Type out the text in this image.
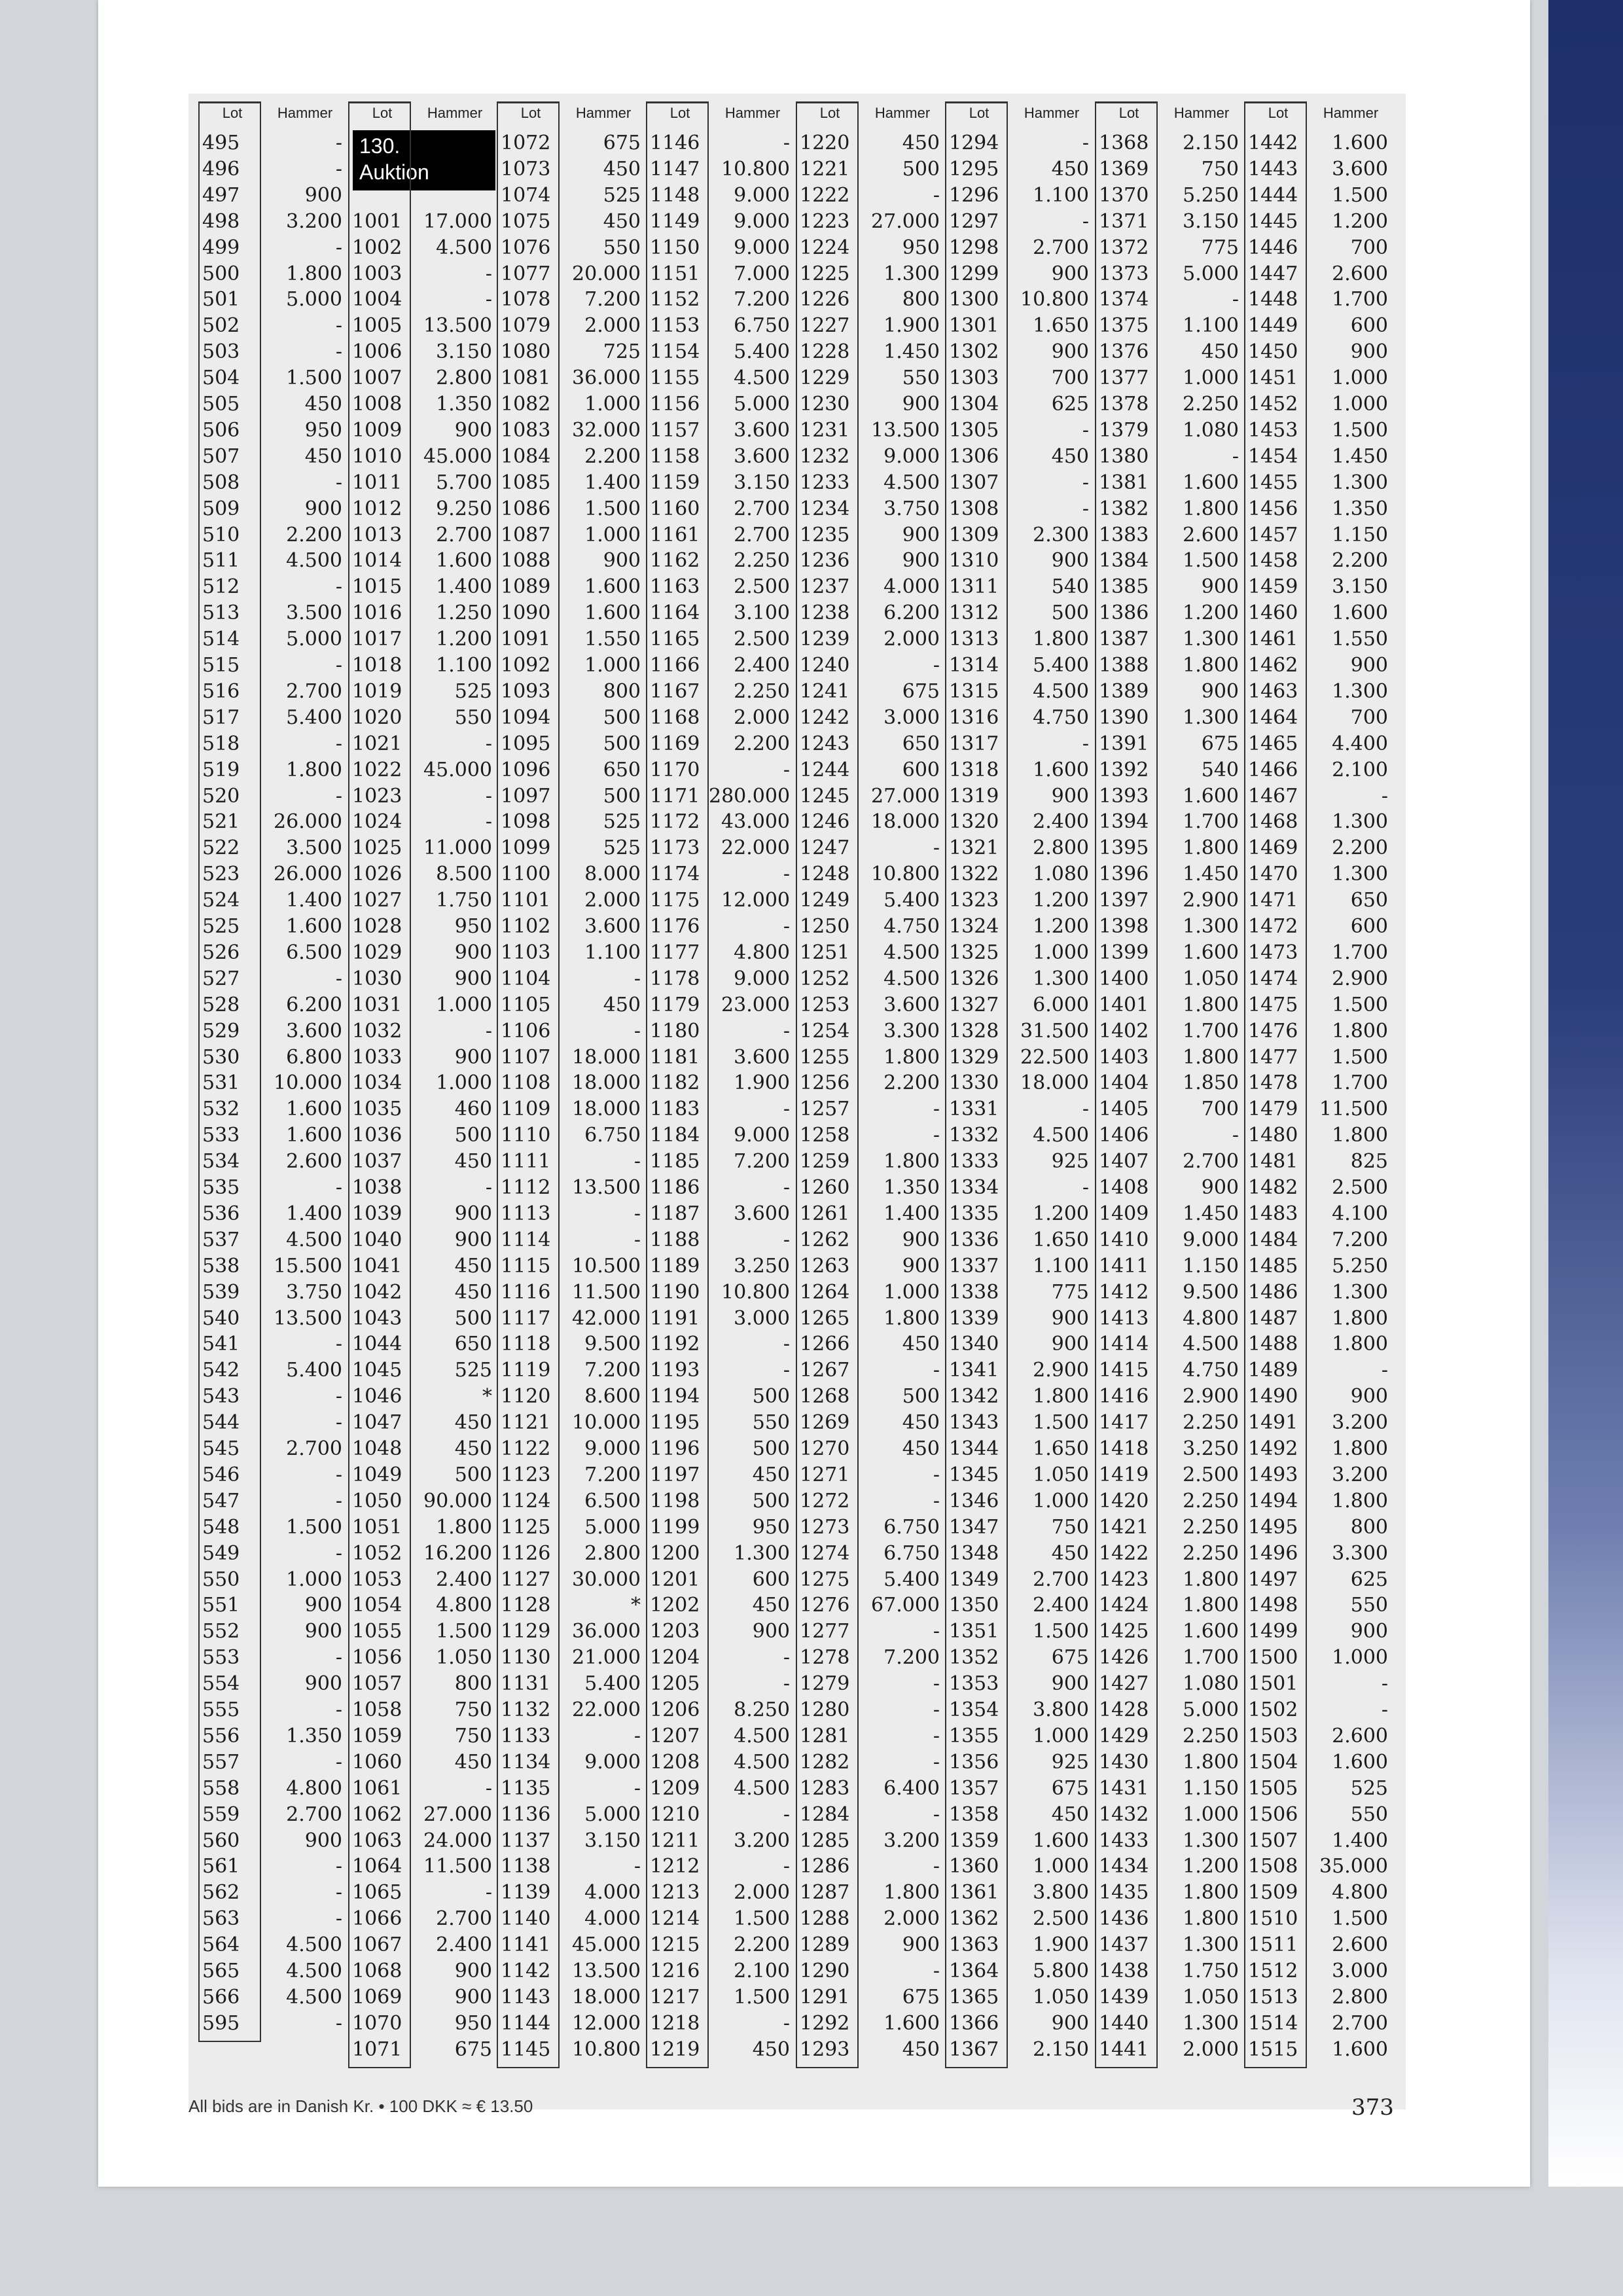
Resultater • Prices realised • June 2009
130.
Auktion
Lot	Hammer
495	-
496	-
497	900
498	3.200
499	-
500	1.800
501	5.000
502	-
503	-
504	1.500
505	450
506	950
507	450
508	-
509	900
510	2.200
511	4.500
512	-
513	3.500
514	5.000
515	-
516	2.700
517	5.400
518	-
519	1.800
520	-
521	26.000
522	3.500
523	26.000
524	1.400
525	1.600
526	6.500
527	-
528	6.200
529	3.600
530	6.800
531	10.000
532	1.600
533	1.600
534	2.600
535	-
536	1.400
537	4.500
538	15.500
539	3.750
540	13.500
541	-
542	5.400
543	-
544	-
545	2.700
546	-
547	-
548	1.500
549	-
550	1.000
551	900
552	900
553	-
554	900
555	-
556	1.350
557	-
558	4.800
559	2.700
560	900
561	-
562	-
563	-
564	4.500
565	4.500
566	4.500
595	-
Lot	Hammer
1001	17.000
1002	4.500
1003	-
1004	-
1005	13.500
1006	3.150
1007	2.800
1008	1.350
1009	900
1010	45.000
1011	5.700
1012	9.250
1013	2.700
1014	1.600
1015	1.400
1016	1.250
1017	1.200
1018	1.100
1019	525
1020	550
1021	-
1022	45.000
1023	-
1024	-
1025	11.000
1026	8.500
1027	1.750
1028	950
1029	900
1030	900
1031	1.000
1032	-
1033	900
1034	1.000
1035	460
1036	500
1037	450
1038	-
1039	900
1040	900
1041	450
1042	450
1043	500
1044	650
1045	525
1046	*
1047	450
1048	450
1049	500
1050	90.000
1051	1.800
1052	16.200
1053	2.400
1054	4.800
1055	1.500
1056	1.050
1057	800
1058	750
1059	750
1060	450
1061	-
1062	27.000
1063	24.000
1064	11.500
1065	-
1066	2.700
1067	2.400
1068	900
1069	900
1070	950
1071	675
Lot	Hammer
1072	675
1073	450
1074	525
1075	450
1076	550
1077	20.000
1078	7.200
1079	2.000
1080	725
1081	36.000
1082	1.000
1083	32.000
1084	2.200
1085	1.400
1086	1.500
1087	1.000
1088	900
1089	1.600
1090	1.600
1091	1.550
1092	1.000
1093	800
1094	500
1095	500
1096	650
1097	500
1098	525
1099	525
1100	8.000
1101	2.000
1102	3.600
1103	1.100
1104	-
1105	450
1106	-
1107	18.000
1108	18.000
1109	18.000
1110	6.750
1111	-
1112	13.500
1113	-
1114	-
1115	10.500
1116	11.500
1117	42.000
1118	9.500
1119	7.200
1120	8.600
1121	10.000
1122	9.000
1123	7.200
1124	6.500
1125	5.000
1126	2.800
1127	30.000
1128	*
1129	36.000
1130	21.000
1131	5.400
1132	22.000
1133	-
1134	9.000
1135	-
1136	5.000
1137	3.150
1138	-
1139	4.000
1140	4.000
1141	45.000
1142	13.500
1143	18.000
1144	12.000
1145	10.800
Lot	Hammer
1146	-
1147	10.800
1148	9.000
1149	9.000
1150	9.000
1151	7.000
1152	7.200
1153	6.750
1154	5.400
1155	4.500
1156	5.000
1157	3.600
1158	3.600
1159	3.150
1160	2.700
1161	2.700
1162	2.250
1163	2.500
1164	3.100
1165	2.500
1166	2.400
1167	2.250
1168	2.000
1169	2.200
1170	-
1171 280.000
1172	43.000
1173	22.000
1174	-
1175	12.000
1176	-
1177	4.800
1178	9.000
1179	23.000
1180	-
1181	3.600
1182	1.900
1183	-
1184	9.000
1185	7.200
1186	-
1187	3.600
1188	-
1189	3.250
1190	10.800
1191	3.000
1192	-
1193	-
1194	500
1195	550
1196	500
1197	450
1198	500
1199	950
1200	1.300
1201	600
1202	450
1203	900
1204	-
1205	-
1206	8.250
1207	4.500
1208	4.500
1209	4.500
1210	-
1211	3.200
1212	-
1213	2.000
1214	1.500
1215	2.200
1216	2.100
1217	1.500
1218	-
1219	450
Lot	Hammer
1220	450
1221	500
1222	-
1223	27.000
1224	950
1225	1.300
1226	800
1227	1.900
1228	1.450
1229	550
1230	900
1231	13.500
1232	9.000
1233	4.500
1234	3.750
1235	900
1236	900
1237	4.000
1238	6.200
1239	2.000
1240	-
1241	675
1242	3.000
1243	650
1244	600
1245	27.000
1246	18.000
1247	-
1248	10.800
1249	5.400
1250	4.750
1251	4.500
1252	4.500
1253	3.600
1254	3.300
1255	1.800
1256	2.200
1257	-
1258	-
1259	1.800
1260	1.350
1261	1.400
1262	900
1263	900
1264	1.000
1265	1.800
1266	450
1267	-
1268	500
1269	450
1270	450
1271	-
1272	-
1273	6.750
1274	6.750
1275	5.400
1276	67.000
1277	-
1278	7.200
1279	-
1280	-
1281	-
1282	-
1283	6.400
1284	-
1285	3.200
1286	-
1287	1.800
1288	2.000
1289	900
1290	-
1291	675
1292	1.600
1293	450
Lot	Hammer
1294	-
1295	450
1296	1.100
1297	-
1298	2.700
1299	900
1300	10.800
1301	1.650
1302	900
1303	700
1304	625
1305	-
1306	450
1307	-
1308	-
1309	2.300
1310	900
1311	540
1312	500
1313	1.800
1314	5.400
1315	4.500
1316	4.750
1317	-
1318	1.600
1319	900
1320	2.400
1321	2.800
1322	1.080
1323	1.200
1324	1.200
1325	1.000
1326	1.300
1327	6.000
1328	31.500
1329	22.500
1330	18.000
1331	-
1332	4.500
1333	925
1334	-
1335	1.200
1336	1.650
1337	1.100
1338	775
1339	900
1340	900
1341	2.900
1342	1.800
1343	1.500
1344	1.650
1345	1.050
1346	1.000
1347	750
1348	450
1349	2.700
1350	2.400
1351	1.500
1352	675
1353	900
1354	3.800
1355	1.000
1356	925
1357	675
1358	450
1359	1.600
1360	1.000
1361	3.800
1362	2.500
1363	1.900
1364	5.800
1365	1.050
1366	900
1367	2.150
Lot	Hammer
1368	2.150
1369	750
1370	5.250
1371	3.150
1372	775
1373	5.000
1374	-
1375	1.100
1376	450
1377	1.000
1378	2.250
1379	1.080
1380	-
1381	1.600
1382	1.800
1383	2.600
1384	1.500
1385	900
1386	1.200
1387	1.300
1388	1.800
1389	900
1390	1.300
1391	675
1392	540
1393	1.600
1394	1.700
1395	1.800
1396	1.450
1397	2.900
1398	1.300
1399	1.600
1400	1.050
1401	1.800
1402	1.700
1403	1.800
1404	1.850
1405	700
1406	-
1407	2.700
1408	900
1409	1.450
1410	9.000
1411	1.150
1412	9.500
1413	4.800
1414	4.500
1415	4.750
1416	2.900
1417	2.250
1418	3.250
1419	2.500
1420	2.250
1421	2.250
1422	2.250
1423	1.800
1424	1.800
1425	1.600
1426	1.700
1427	1.080
1428	5.000
1429	2.250
1430	1.800
1431	1.150
1432	1.000
1433	1.300
1434	1.200
1435	1.800
1436	1.800
1437	1.300
1438	1.750
1439	1.050
1440	1.300
1441	2.000
Lot	Hammer
1442	1.600
1443	3.600
1444	1.500
1445	1.200
1446	700
1447	2.600
1448	1.700
1449	600
1450	900
1451	1.000
1452	1.000
1453	1.500
1454	1.450
1455	1.300
1456	1.350
1457	1.150
1458	2.200
1459	3.150
1460	1.600
1461	1.550
1462	900
1463	1.300
1464	700
1465	4.400
1466	2.100
1467	-
1468	1.300
1469	2.200
1470	1.300
1471	650
1472	600
1473	1.700
1474	2.900
1475	1.500
1476	1.800
1477	1.500
1478	1.700
1479	11.500
1480	1.800
1481	825
1482	2.500
1483	4.100
1484	7.200
1485	5.250
1486	1.300
1487	1.800
1488	1.800
1489	-
1490	900
1491	3.200
1492	1.800
1493	3.200
1494	1.800
1495	800
1496	3.300
1497	625
1498	550
1499	900
1500	1.000
1501	-
1502	-
1503	2.600
1504	1.600
1505	525
1506	550
1507	1.400
1508	35.000
1509	4.800
1510	1.500
1511	2.600
1512	3.000
1513	2.800
1514	2.700
1515	1.600
All bids are in Danish Kr. • 100 DKK ≈ € 13.50	373
